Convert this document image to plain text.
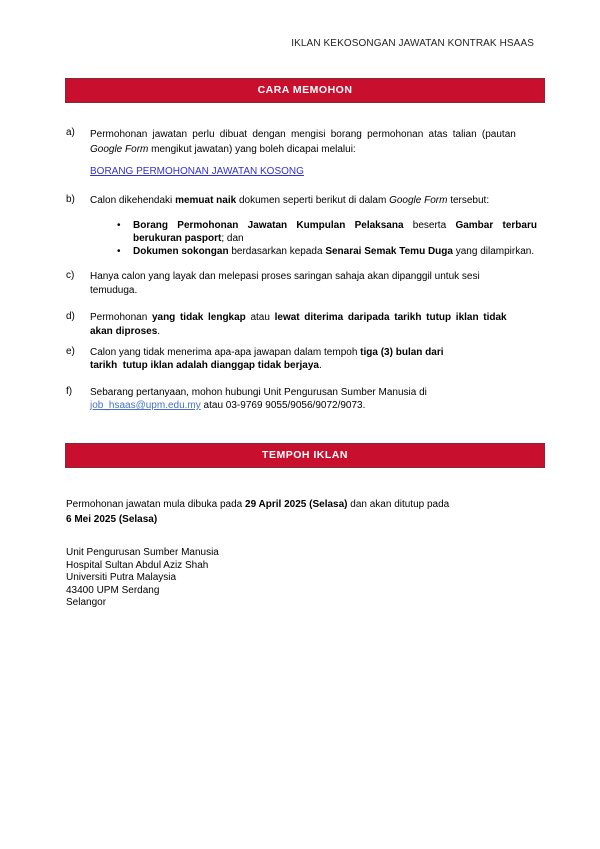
IKLAN KEKOSONGAN JAWATAN KONTRAK HSAAS
CARA MEMOHON
a) Permohonan jawatan perlu dibuat dengan mengisi borang permohonan atas talian (pautan
Google Form mengikut jawatan) yang boleh dicapai melalui:
BORANG PERMOHONAN JAWATAN KOSONG
b) Calon dikehendaki memuat naik dokumen seperti berikut di dalam Google Form tersebut:
• Borang Permohonan Jawatan Kumpulan Pelaksana beserta Gambar terbaru
berukuran pasport; dan
• Dokumen sokongan berdasarkan kepada Senarai Semak Temu Duga yang dilampirkan.
c) Hanya calon yang layak dan melepasi proses saringan sahaja akan dipanggil untuk sesi
temuduga.
d) Permohonan yang tidak lengkap atau lewat diterima daripada tarikh tutup iklan tidak
akan diproses.
e) Calon yang tidak menerima apa-apa jawapan dalam tempoh tiga (3) bulan dari
tarikh  tutup iklan adalah dianggap tidak berjaya.
f) Sebarang pertanyaan, mohon hubungi Unit Pengurusan Sumber Manusia di
job_hsaas@upm.edu.my atau 03-9769 9055/9056/9072/9073.
TEMPOH IKLAN
Permohonan jawatan mula dibuka pada 29 April 2025 (Selasa) dan akan ditutup pada
6 Mei 2025 (Selasa)
Unit Pengurusan Sumber Manusia
Hospital Sultan Abdul Aziz Shah
Universiti Putra Malaysia
43400 UPM Serdang
Selangor
